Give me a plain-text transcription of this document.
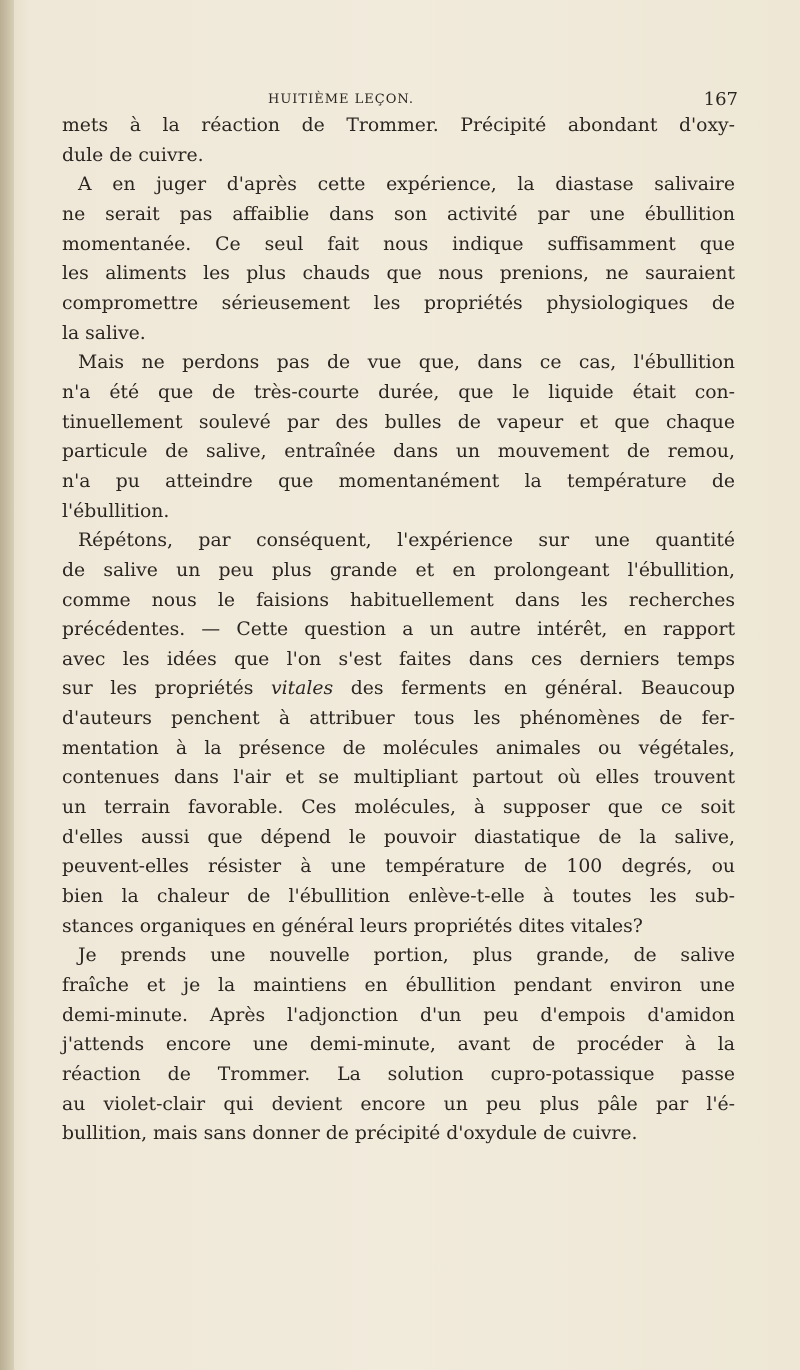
HUITIÈME LEÇON.	167
mets à la réaction de Trommer. Précipité abondant d'oxy-
dule de cuivre.
A en juger d'après cette expérience, la diastase salivaire
ne serait pas affaiblie dans son activité par une ébullition
momentanée. Ce seul fait nous indique suffisamment que
les aliments les plus chauds que nous prenions, ne sauraient
compromettre sérieusement les propriétés physiologiques de
la salive.
Mais ne perdons pas de vue que, dans ce cas, l'ébullition
n'a été que de très-courte durée, que le liquide était con-
tinuellement soulevé par des bulles de vapeur et que chaque
particule de salive, entraînée dans un mouvement de remou,
n'a pu atteindre que momentanément la température de
l'ébullition.
Répétons, par conséquent, l'expérience sur une quantité
de salive un peu plus grande et en prolongeant l'ébullition,
comme nous le faisions habituellement dans les recherches
précédentes. — Cette question a un autre intérêt, en rapport
avec les idées que l'on s'est faites dans ces derniers temps
sur les propriétés vitales des ferments en général. Beaucoup
d'auteurs penchent à attribuer tous les phénomènes de fer-
mentation à la présence de molécules animales ou végétales,
contenues dans l'air et se multipliant partout où elles trouvent
un terrain favorable. Ces molécules, à supposer que ce soit
d'elles aussi que dépend le pouvoir diastatique de la salive,
peuvent-elles résister à une température de 100 degrés, ou
bien la chaleur de l'ébullition enlève-t-elle à toutes les sub-
stances organiques en général leurs propriétés dites vitales?
Je prends une nouvelle portion, plus grande, de salive
fraîche et je la maintiens en ébullition pendant environ une
demi-minute. Après l'adjonction d'un peu d'empois d'amidon
j'attends encore une demi-minute, avant de procéder à la
réaction de Trommer. La solution cupro-potassique passe
au violet-clair qui devient encore un peu plus pâle par l'é-
bullition, mais sans donner de précipité d'oxydule de cuivre.
